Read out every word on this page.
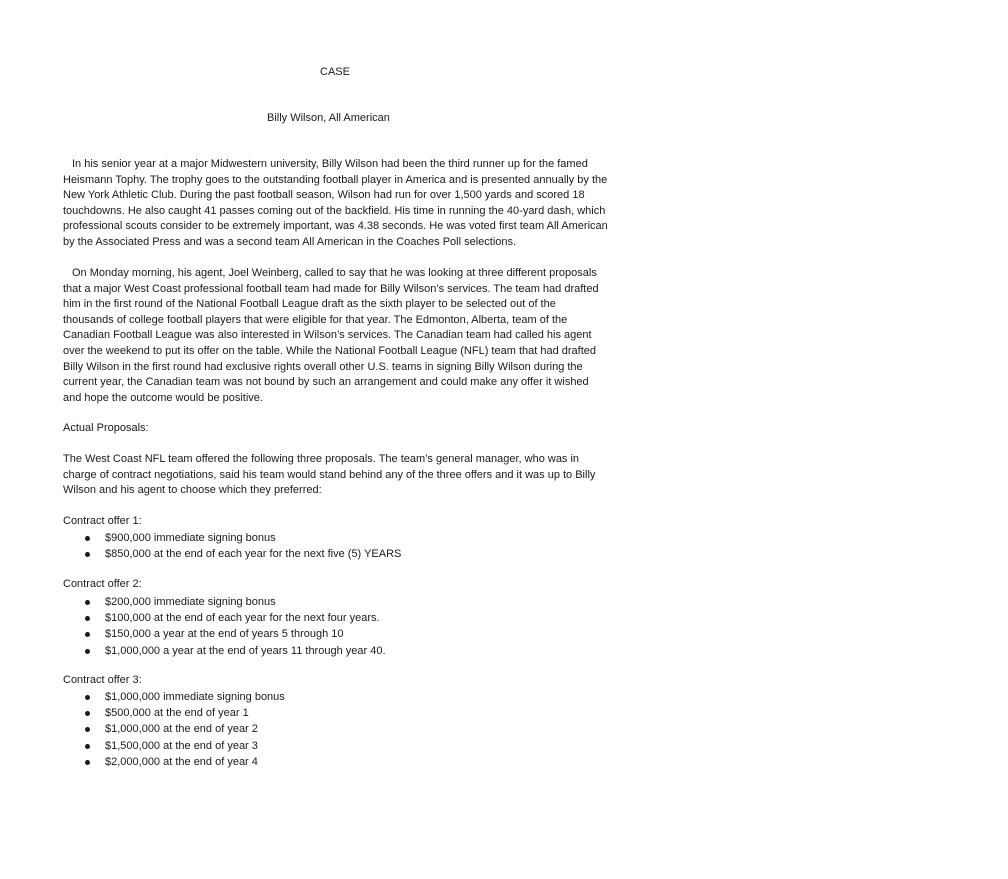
CASE
Billy Wilson, All American

In his senior year at a major Midwestern university, Billy Wilson had been the third runner up for the famed Heismann Tophy. The trophy goes to the outstanding football player in America and is presented annually by the New York Athletic Club. During the past football season, Wilson had run for over 1,500 yards and scored 18 touchdowns. He also caught 41 passes coming out of the backfield. His time in running the 40-yard dash, which professional scouts consider to be extremely important, was 4.38 seconds. He was voted first team All American by the Associated Press and was a second team All American in the Coaches Poll selections.

On Monday morning, his agent, Joel Weinberg, called to say that he was looking at three different proposals that a major West Coast professional football team had made for Billy Wilson’s services. The team had drafted him in the first round of the National Football League draft as the sixth player to be selected out of the thousands of college football players that were eligible for that year. The Edmonton, Alberta, team of the Canadian Football League was also interested in Wilson’s services. The Canadian team had called his agent over the weekend to put its offer on the table. While the National Football League (NFL) team that had drafted Billy Wilson in the first round had exclusive rights overall other U.S. teams in signing Billy Wilson during the current year, the Canadian team was not bound by such an arrangement and could make any offer it wished and hope the outcome would be positive.

Actual Proposals:

The West Coast NFL team offered the following three proposals. The team’s general manager, who was in charge of contract negotiations, said his team would stand behind any of the three offers and it was up to Billy Wilson and his agent to choose which they preferred:

Contract offer 1:
$900,000 immediate signing bonus
$850,000 at the end of each year for the next five (5) YEARS
Contract offer 2:
$200,000 immediate signing bonus
$100,000 at the end of each year for the next four years.
$150,000 a year at the end of years 5 through 10
$1,000,000 a year at the end of years 11 through year 40.
Contract offer 3:
$1,000,000 immediate signing bonus
$500,000 at the end of year 1
$1,000,000 at the end of year 2
$1,500,000 at the end of year 3
$2,000,000 at the end of year 4
